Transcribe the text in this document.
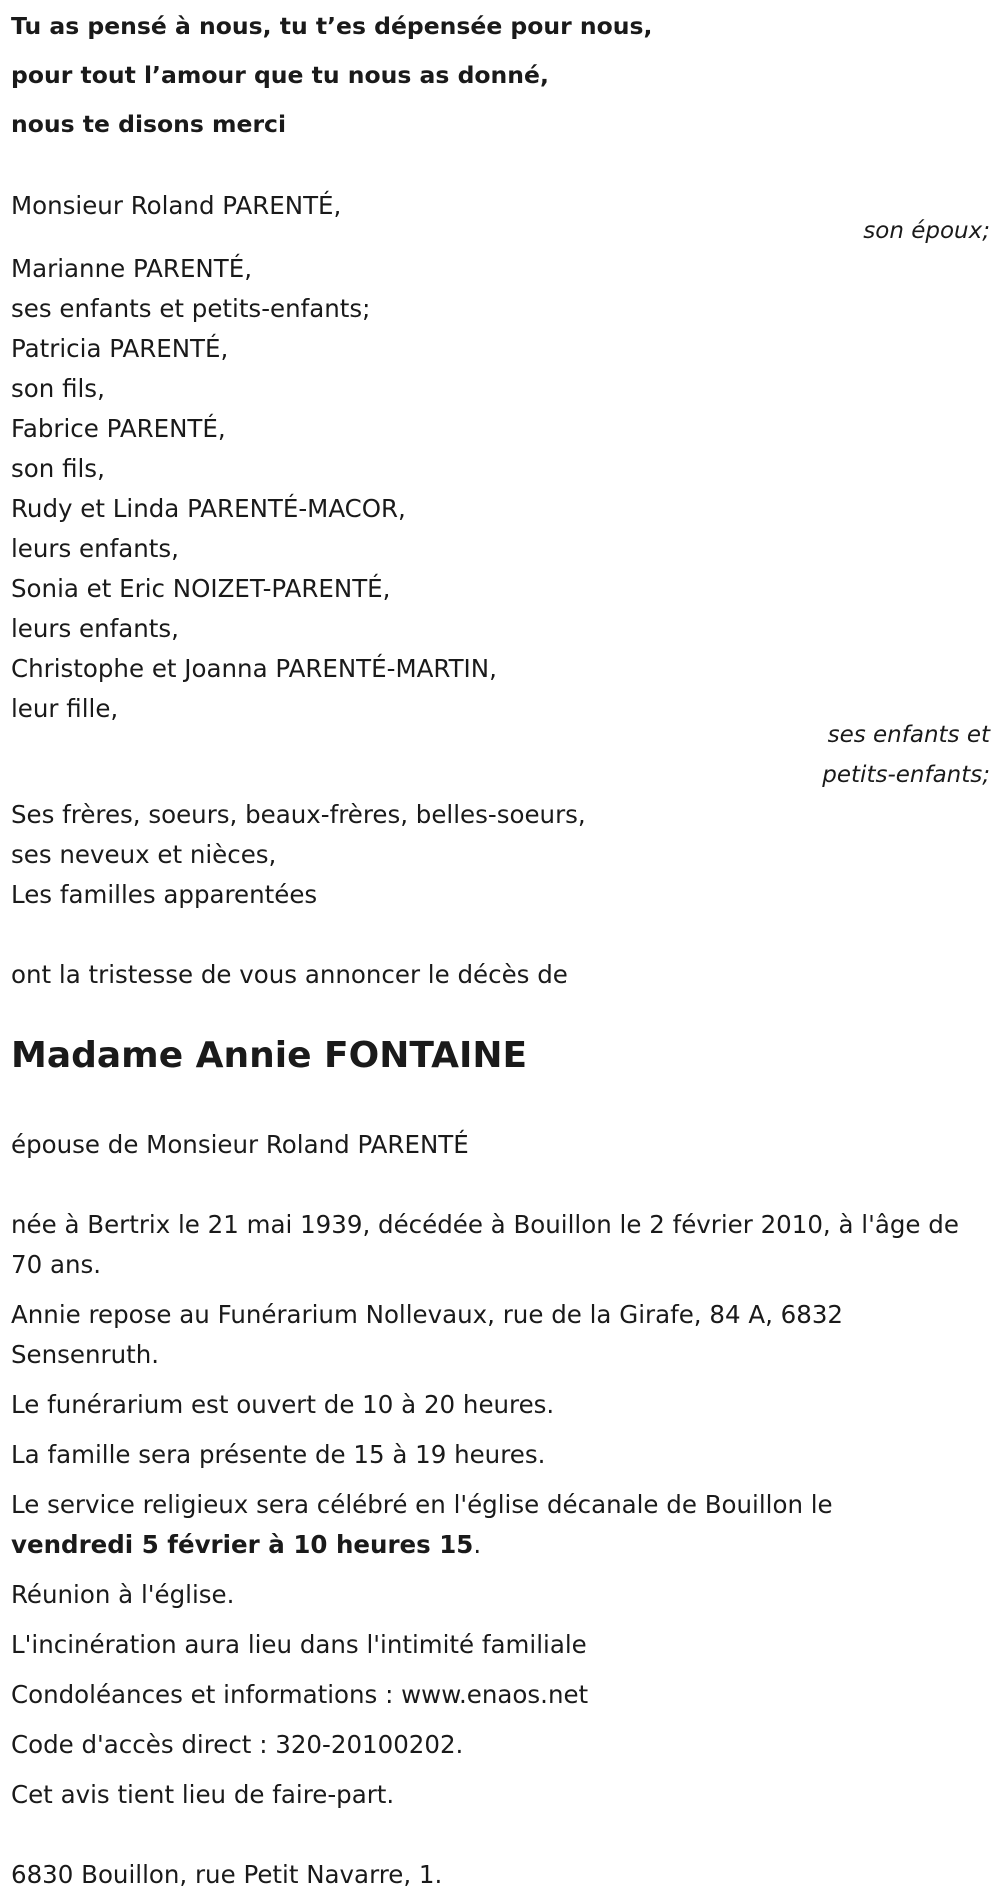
Tu as pensé à nous, tu t’es dépensée pour nous,
pour tout l’amour que tu nous as donné,
nous te disons merci
Monsieur Roland PARENTÉ,
son époux;
Marianne PARENTÉ,
ses enfants et petits-enfants;
Patricia PARENTÉ,
son fils,
Fabrice PARENTÉ,
son fils,
Rudy et Linda PARENTÉ-MACOR,
leurs enfants,
Sonia et Eric NOIZET-PARENTÉ,
leurs enfants,
Christophe et Joanna PARENTÉ-MARTIN,
leur fille,
ses enfants et
petits-enfants;
Ses frères, soeurs, beaux-frères, belles-soeurs,
ses neveux et nièces,
Les familles apparentées
ont la tristesse de vous annoncer le décès de
Madame Annie FONTAINE
épouse de Monsieur Roland PARENTÉ
née à Bertrix le 21 mai 1939, décédée à Bouillon le 2 février 2010, à l'âge de 70 ans.
Annie repose au Funérarium Nollevaux, rue de la Girafe, 84 A, 6832 Sensenruth.
Le funérarium est ouvert de 10 à 20 heures.
La famille sera présente de 15 à 19 heures.
Le service religieux sera célébré en l'église décanale de Bouillon le
vendredi 5 février à 10 heures 15.
Réunion à l'église.
L'incinération aura lieu dans l'intimité familiale
Condoléances et informations : www.enaos.net
Code d'accès direct : 320-20100202.
Cet avis tient lieu de faire-part.
6830 Bouillon, rue Petit Navarre, 1.
